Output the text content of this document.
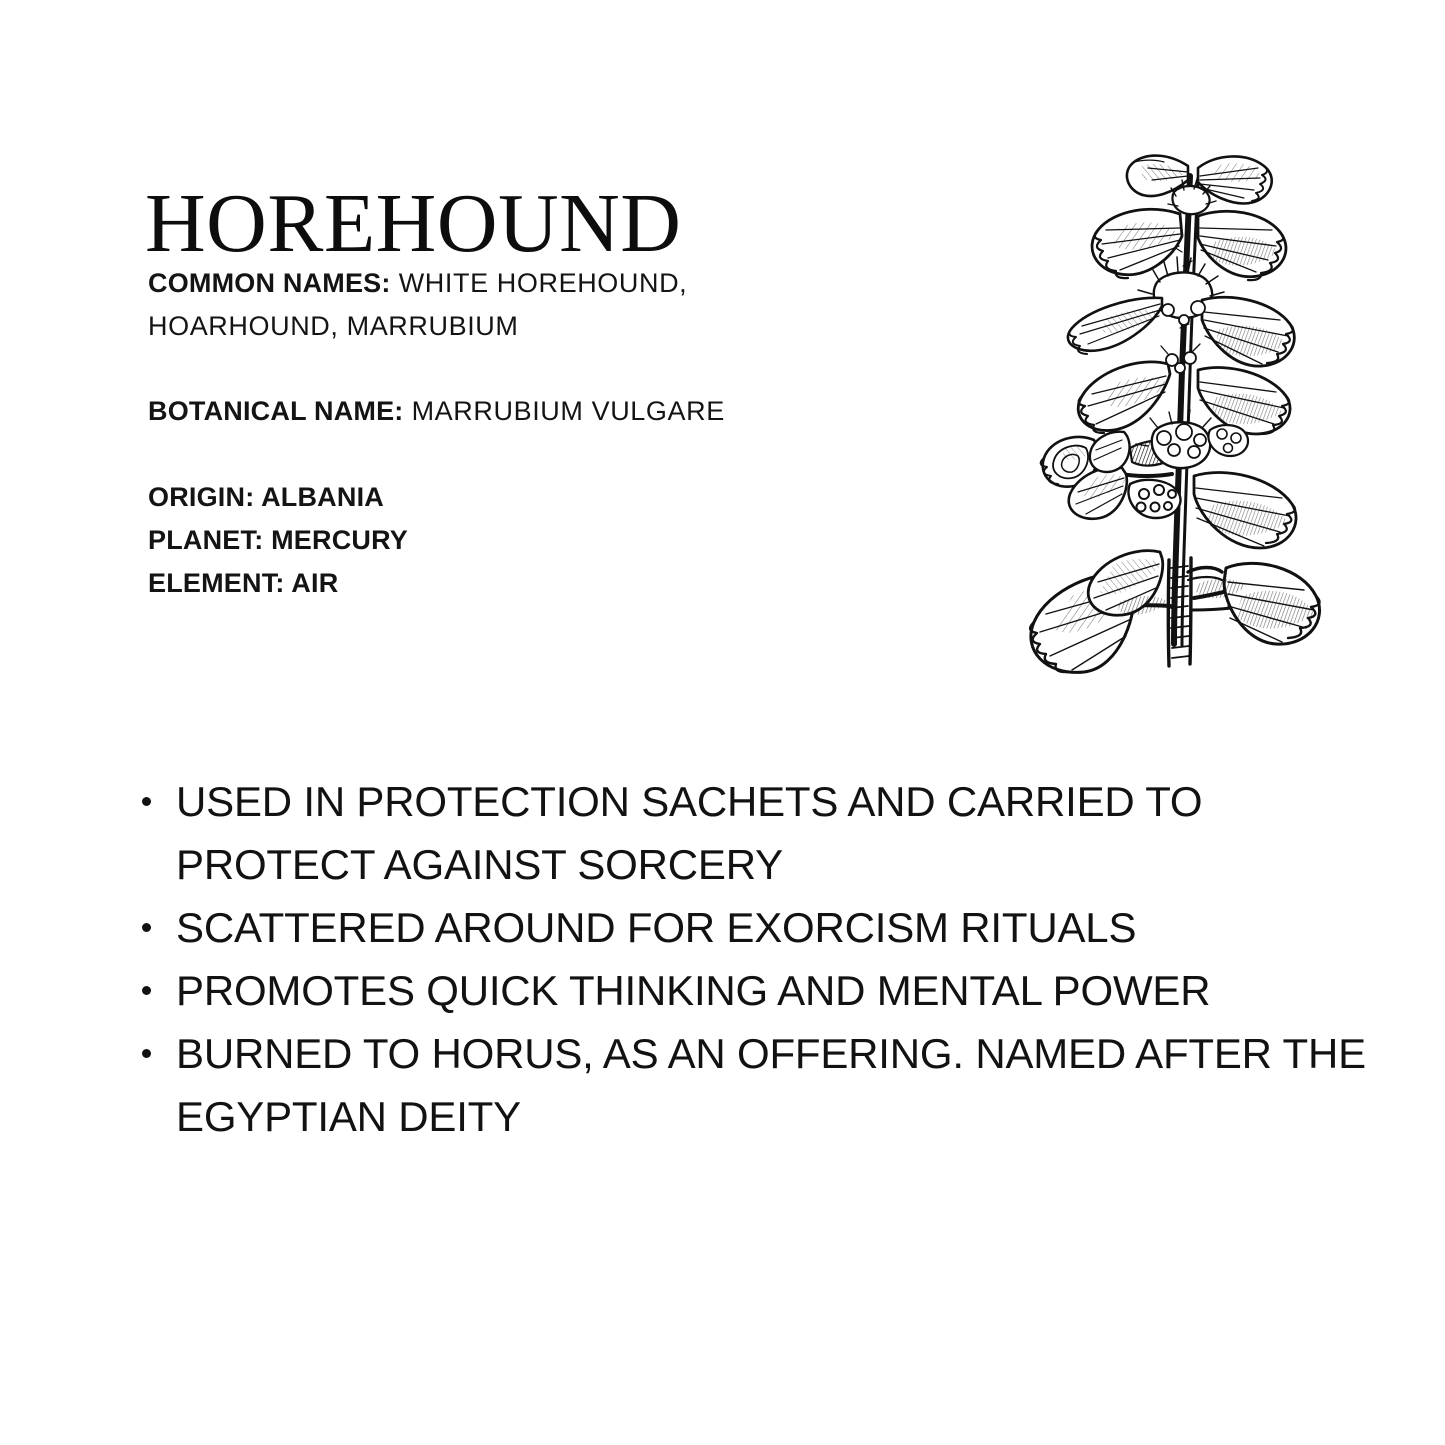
HOREHOUND
COMMON NAMES: WHITE HOREHOUND,
HOARHOUND, MARRUBIUM
BOTANICAL NAME: MARRUBIUM VULGARE
ORIGIN: ALBANIA
PLANET: MERCURY
ELEMENT: AIR
USED IN PROTECTION SACHETS AND CARRIED TO PROTECT AGAINST SORCERY
SCATTERED AROUND FOR EXORCISM RITUALS
PROMOTES QUICK THINKING AND MENTAL POWER
BURNED TO HORUS, AS AN OFFERING. NAMED AFTER THE EGYPTIAN DEITY
